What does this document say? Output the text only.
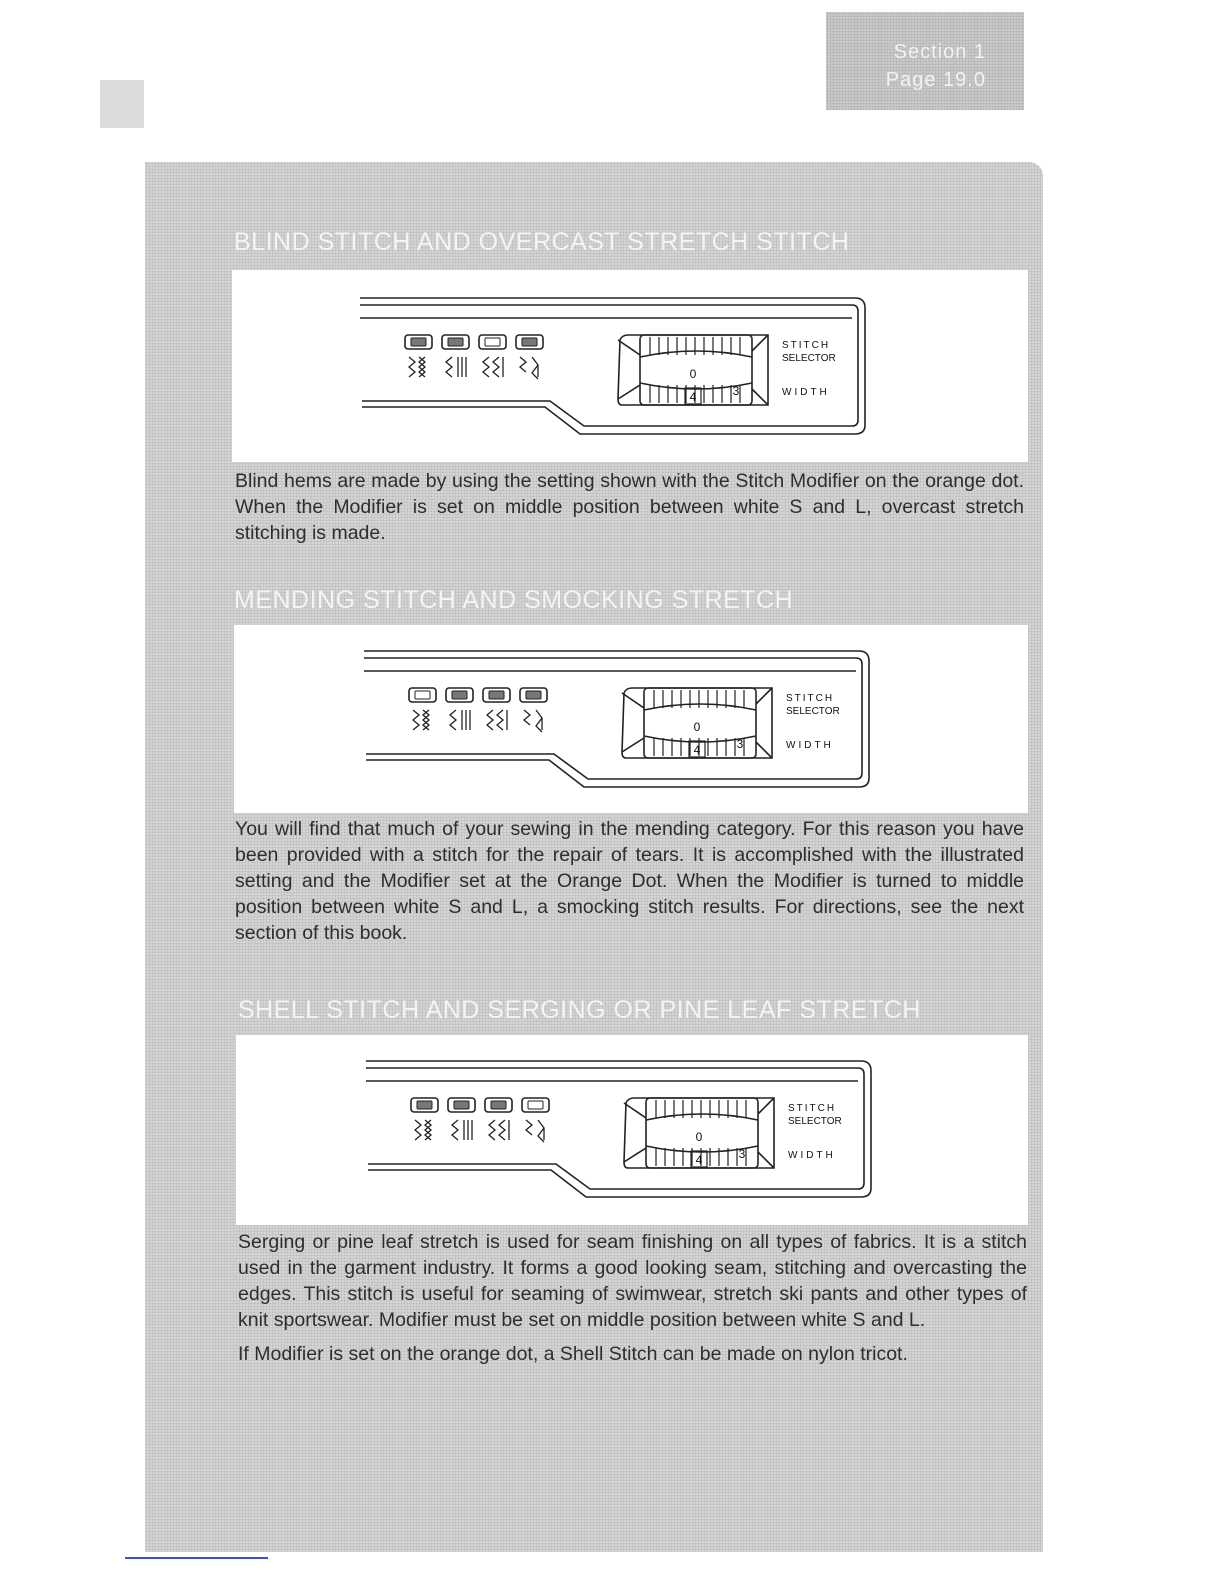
Section 1
Page 19.0
BLIND STITCH AND OVERCAST STRETCH STITCH
0
4	3
STITCH
SELECTOR
WIDTH

Blind hems are made by using the setting shown with the Stitch Modifier on the orange dot. When the Modifier is set on middle position between white S and L, overcast stretch stitching is made.

MENDING STITCH AND SMOCKING STRETCH
0
4	3
STITCH
SELECTOR
WIDTH

You will find that much of your sewing in the mending category. For this reason you have been provided with a stitch for the repair of tears. It is accomplished with the illustrated setting and the Modifier set at the Orange Dot. When the Modifier is turned to middle position between white S and L, a smocking stitch results. For directions, see the next section of this book.

SHELL STITCH AND SERGING OR PINE LEAF STRETCH
0
4	3
STITCH
SELECTOR
WIDTH

Serging or pine leaf stretch is used for seam finishing on all types of fabrics. It is a stitch used in the garment industry. It forms a good looking seam, stitching and overcasting the edges. This stitch is useful for seaming of swimwear, stretch ski pants and other types of knit sportswear. Modifier must be set on middle position between white S and L.

If Modifier is set on the orange dot, a Shell Stitch can be made on nylon tricot.
